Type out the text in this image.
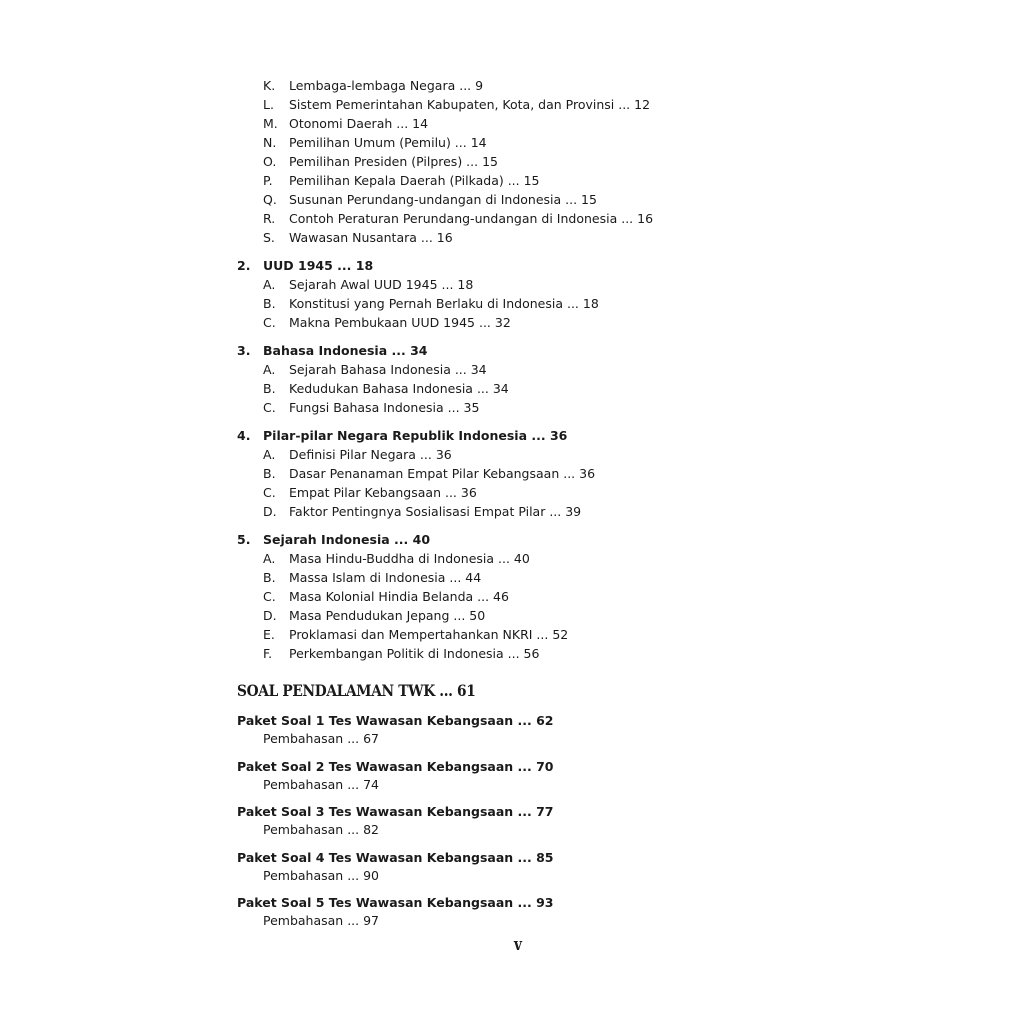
K.	Lembaga-lembaga Negara ... 9
L.	Sistem Pemerintahan Kabupaten, Kota, dan Provinsi ... 12
M. Otonomi Daerah ... 14
N.	Pemilihan Umum (Pemilu) ... 14
O.	Pemilihan Presiden (Pilpres) ... 15
P.	Pemilihan Kepala Daerah (Pilkada) ... 15
Q. Susunan Perundang-undangan di Indonesia ... 15
R.	Contoh Peraturan Perundang-undangan di Indonesia ... 16
S.	Wawasan Nusantara ... 16
2.	UUD 1945 ... 18
A.	Sejarah Awal UUD 1945 ... 18
B.	Konstitusi yang Pernah Berlaku di Indonesia ... 18
C.	Makna Pembukaan UUD 1945 ... 32
3.	Bahasa Indonesia ... 34
A.	Sejarah Bahasa Indonesia ... 34
B.	Kedudukan Bahasa Indonesia ... 34
C.	Fungsi Bahasa Indonesia ... 35
4.	Pilar-pilar Negara Republik Indonesia ... 36
A.	Definisi Pilar Negara ... 36
B.	Dasar Penanaman Empat Pilar Kebangsaan ... 36
C.	Empat Pilar Kebangsaan ... 36
D. Faktor Pentingnya Sosialisasi Empat Pilar ... 39
5.	Sejarah Indonesia ... 40
A.	Masa Hindu-Buddha di Indonesia ... 40
B.	Massa Islam di Indonesia ... 44
C.	Masa Kolonial Hindia Belanda ... 46
D. Masa Pendudukan Jepang ... 50
E.	Proklamasi dan Mempertahankan NKRI ... 52
F.	Perkembangan Politik di Indonesia ... 56
SOAL PENDALAMAN TWK ... 61
Paket Soal 1 Tes Wawasan Kebangsaan ... 62
Pembahasan ... 67
Paket Soal 2 Tes Wawasan Kebangsaan ... 70
Pembahasan ... 74
Paket Soal 3 Tes Wawasan Kebangsaan ... 77
Pembahasan ... 82
Paket Soal 4 Tes Wawasan Kebangsaan ... 85
Pembahasan ... 90
Paket Soal 5 Tes Wawasan Kebangsaan ... 93
Pembahasan ... 97
v
